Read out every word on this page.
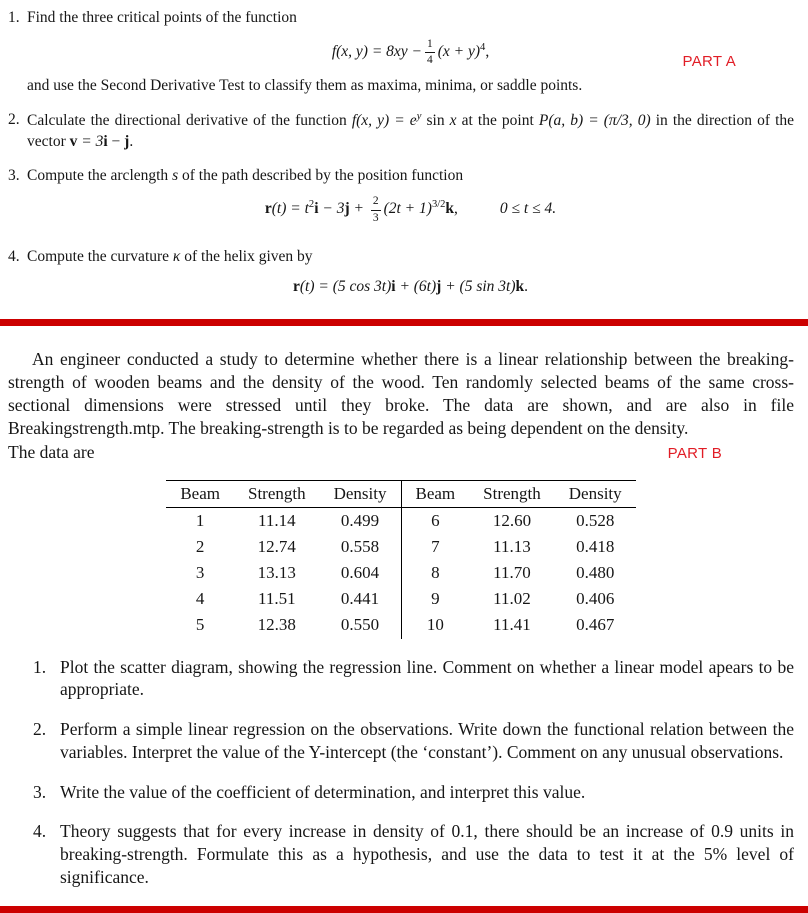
PART A
1. Find the three critical points of the function
f(x, $y) = 8xy - \frac{1}{4} (x + y)^4$,
and use the Second Derivative Test to classify them as maxima, minima, or saddle points.
2. Calculate the directional derivative of the function f(x, $y) = e^y$ sin x at the point P(a, b) = (π/3, 0) in the direction of the vector v = 3i − j.
3. Compute the arclength s of the path described by the position function
$r(t) = t^2i - 3j + \frac{2}{3} (2t + 1)^{3/2}k$,	0 ≤ t ≤ 4.
4. Compute the curvature κ of the helix given by
r(t) = (5 cos 3t)i + (6t)j + (5 sin 3t)k.

An engineer conducted a study to determine whether there is a linear relationship between the breaking-strength of wooden beams and the density of the wood. Ten randomly selected beams of the same cross-sectional dimensions were stressed until they broke. The data are shown, and are also in file Breakingstrength.mtp. The breaking-strength is to be regarded as being dependent on the density.

The data are	PART B
Beam	Strength	Density	Beam	Strength	Density
1	11.14	0.499	6	12.60	0.528
2	12.74	0.558	7	11.13	0.418
3	13.13	0.604	8	11.70	0.480
4	11.51	0.441	9	11.02	0.406
5	12.38	0.550	10	11.41	0.467
1. Plot the scatter diagram, showing the regression line. Comment on whether a linear model apears to be appropriate.
2. Perform a simple linear regression on the observations. Write down the functional relation between the variables. Interpret the value of the Y-intercept (the ‘constant’). Comment on any unusual observations.
3. Write the value of the coefficient of determination, and interpret this value.
4. Theory suggests that for every increase in density of 0.1, there should be an increase of 0.9 units in breaking-strength. Formulate this as a hypothesis, and use the data to test it at the 5% level of significance.
